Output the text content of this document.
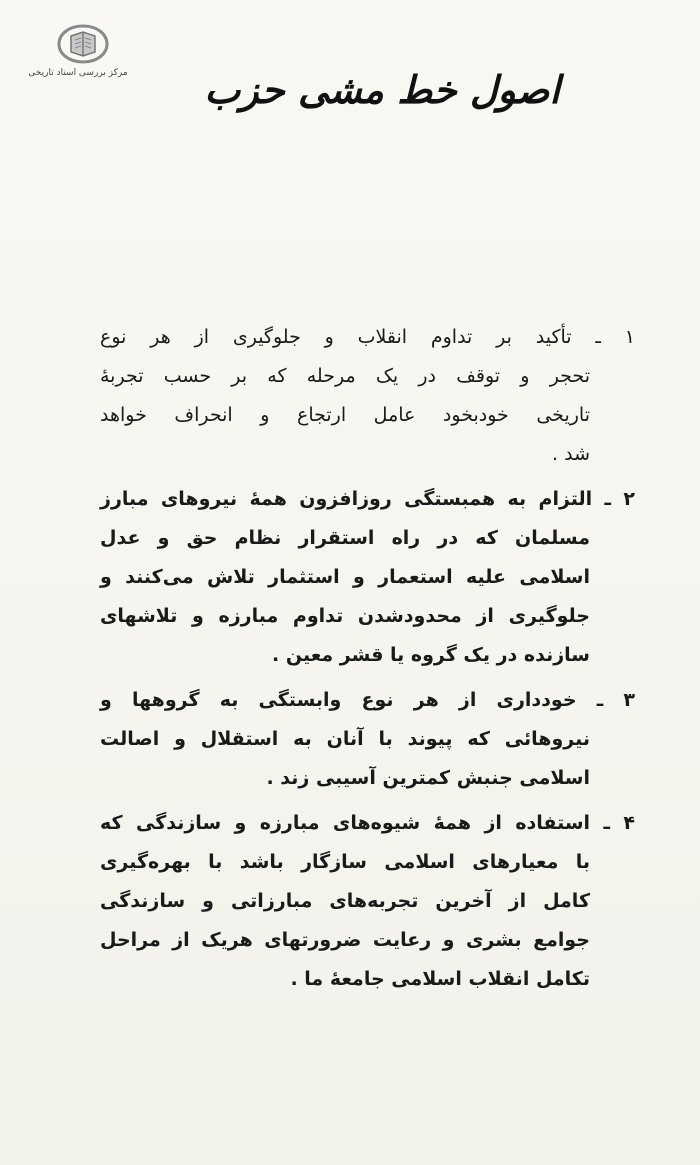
مرکز بررسی اسناد تاریخی اصول خط مشی حزب
۱ ـ تأکید بر تداوم انقلاب و جلوگیری از هر نوع
تحجر و توقف در یک مرحله که بر حسب تجربهٔ
تاریخی خودبخود عامل ارتجاع و انحراف خواهد
شد .
۲ ـ التزام به همبستگی روزافزون همهٔ نیروهای مبارز
مسلمان که در راه استقرار نظام حق و عدل
اسلامی علیه استعمار و استثمار تلاش می‌کنند و
جلوگیری از محدودشدن تداوم مبارزه و تلاشهای
سازنده در یک گروه یا قشر معین .
۳ ـ خودداری از هر نوع وابستگی به گروهها و
نیروهائی که پیوند با آنان به استقلال و اصالت
اسلامی جنبش کمترین آسیبی زند .
۴ ـ استفاده از همهٔ شیوه‌های مبارزه و سازندگی که
با معیارهای اسلامی سازگار باشد با بهره‌گیری
کامل از آخرین تجربه‌های مبارزاتی و سازندگی
جوامع بشری و رعایت ضرورتهای هریک از مراحل
تکامل انقلاب اسلامی جامعهٔ ما .
